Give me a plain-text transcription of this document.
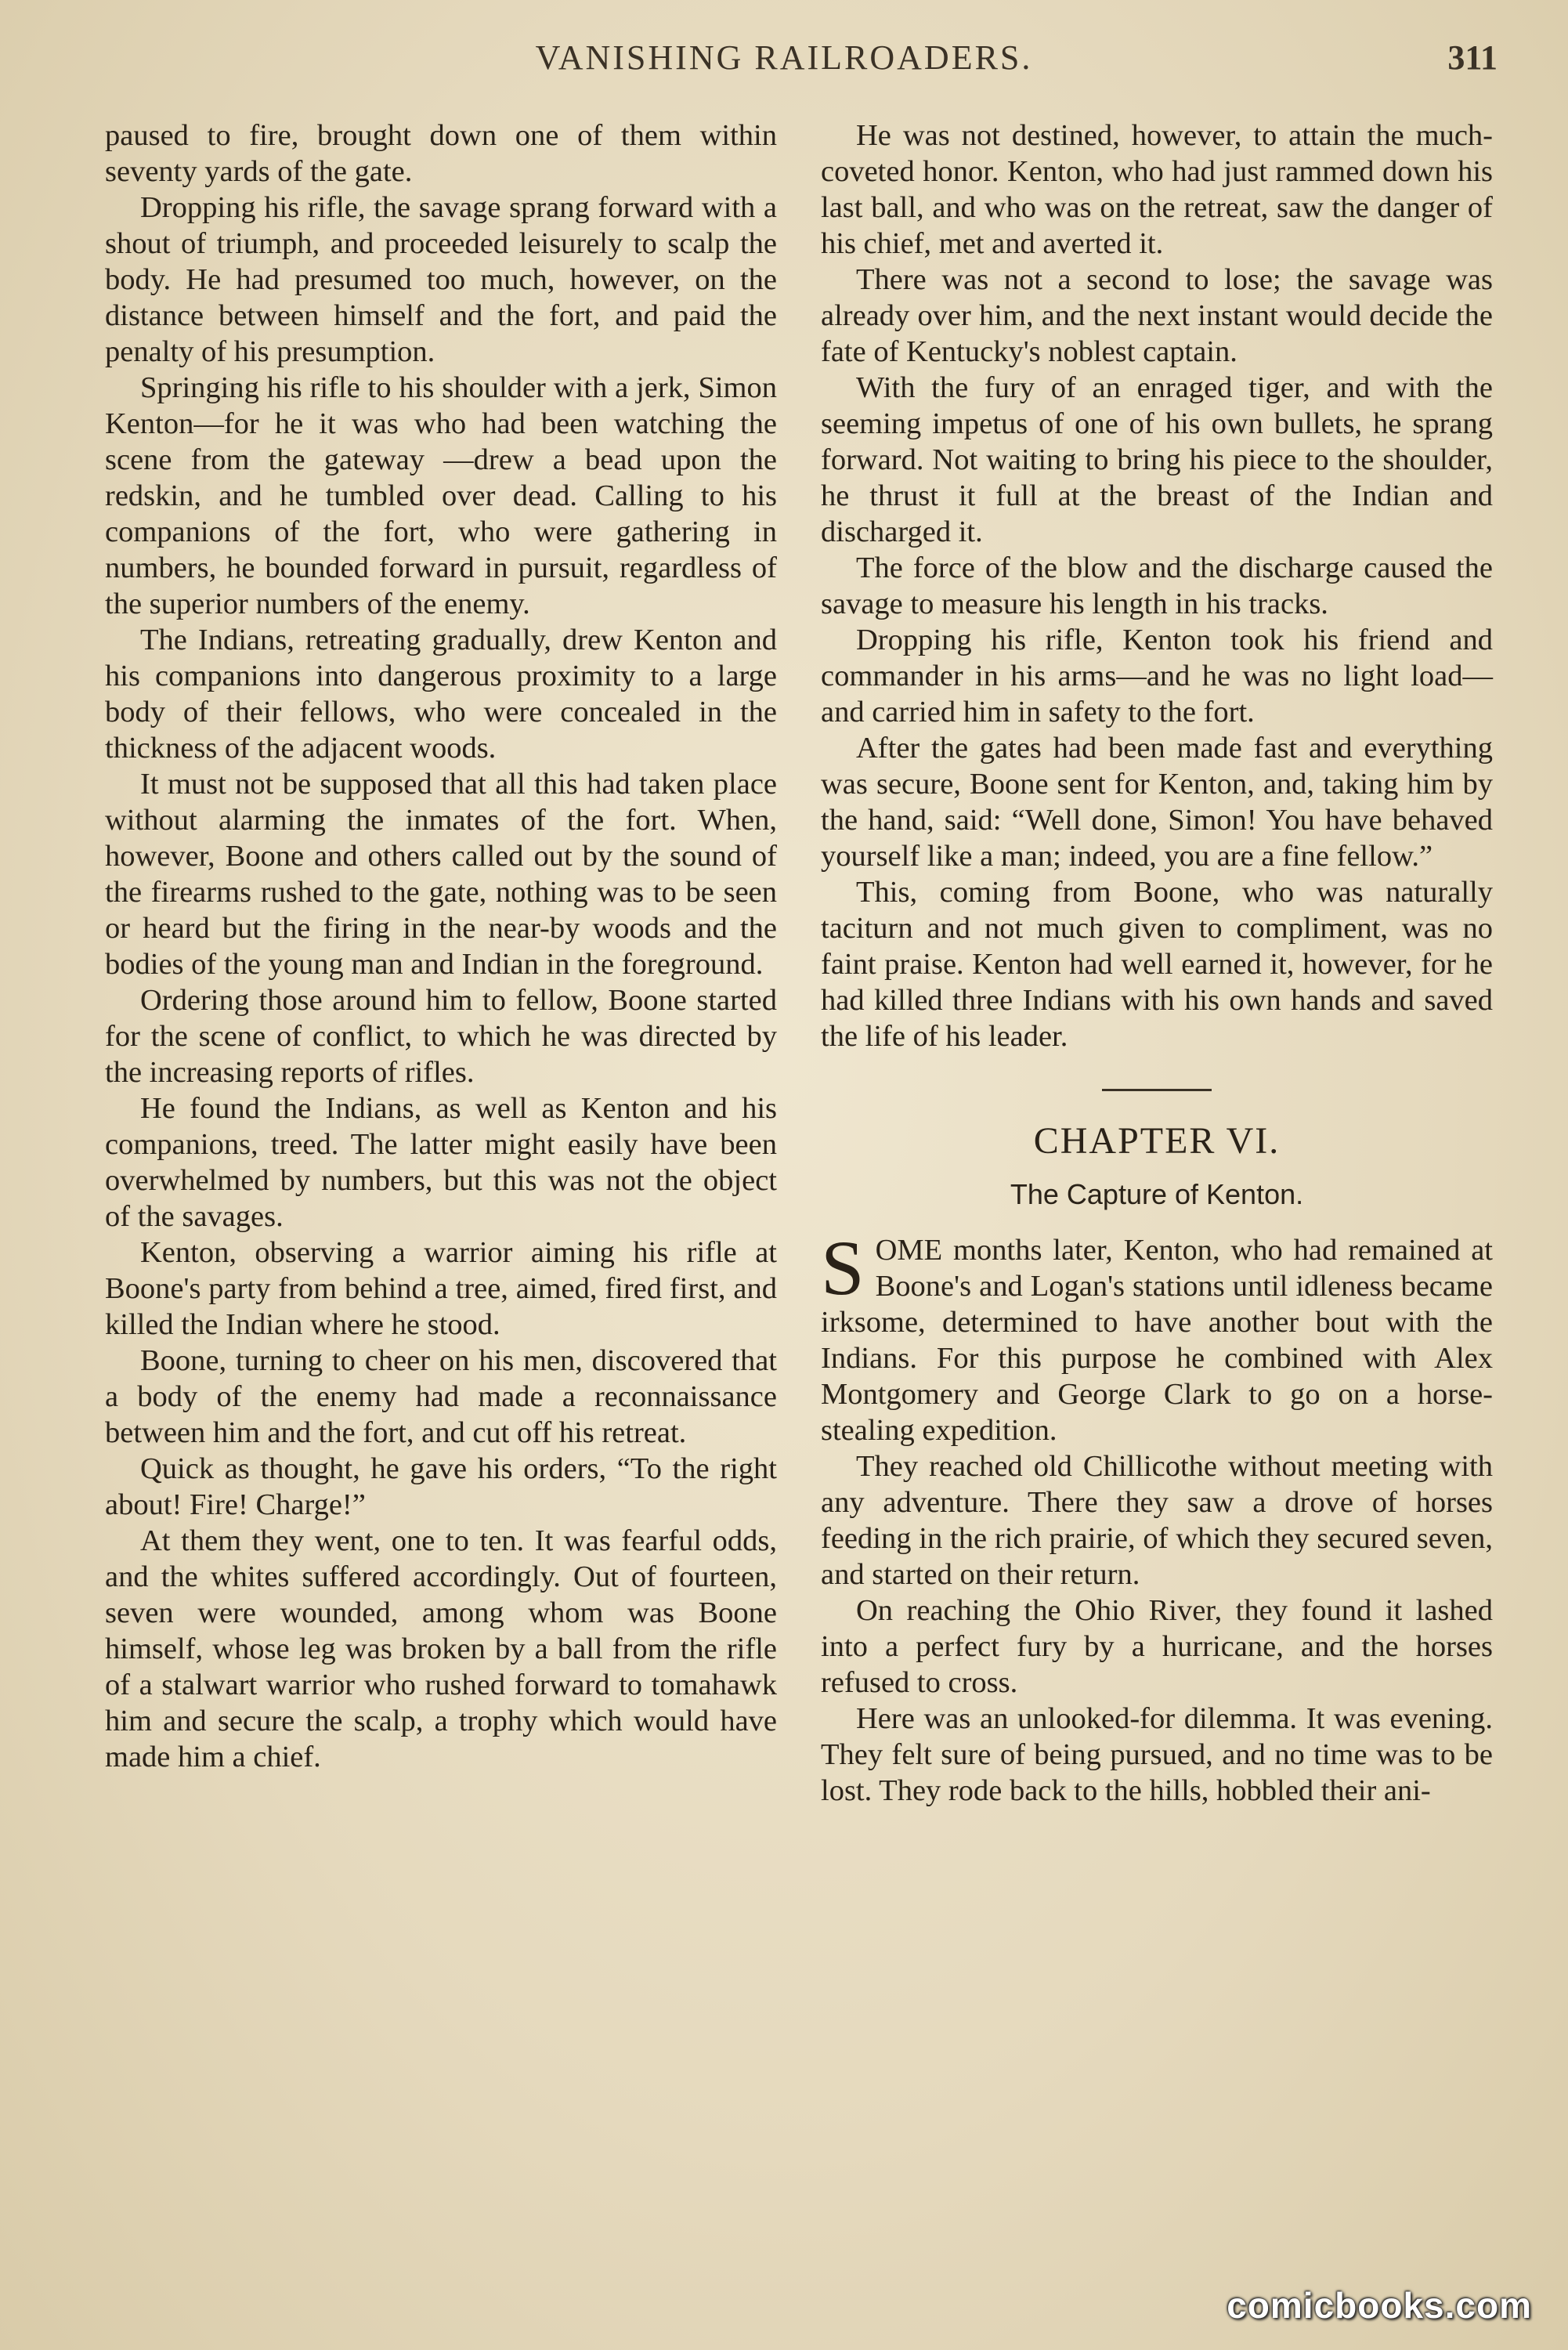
VANISHING RAILROADERS.	311

paused to fire, brought down one of them within seventy yards of the gate.

Dropping his rifle, the savage sprang forward with a shout of triumph, and proceeded leisurely to scalp the body. He had presumed too much, however, on the distance between himself and the fort, and paid the penalty of his presumption.

Springing his rifle to his shoulder with a jerk, Simon Kenton—for he it was who had been watching the scene from the gateway —drew a bead upon the redskin, and he tumbled over dead. Calling to his companions of the fort, who were gathering in numbers, he bounded forward in pursuit, regardless of the superior numbers of the enemy.

The Indians, retreating gradually, drew Kenton and his companions into dangerous proximity to a large body of their fellows, who were concealed in the thickness of the adjacent woods.

It must not be supposed that all this had taken place without alarming the inmates of the fort. When, however, Boone and others called out by the sound of the firearms rushed to the gate, nothing was to be seen or heard but the firing in the near-by woods and the bodies of the young man and Indian in the foreground.

Ordering those around him to fellow, Boone started for the scene of conflict, to which he was directed by the increasing reports of rifles.

He found the Indians, as well as Kenton and his companions, treed. The latter might easily have been overwhelmed by numbers, but this was not the object of the savages.

Kenton, observing a warrior aiming his rifle at Boone's party from behind a tree, aimed, fired first, and killed the Indian where he stood.

Boone, turning to cheer on his men, discovered that a body of the enemy had made a reconnaissance between him and the fort, and cut off his retreat.

Quick as thought, he gave his orders, “To the right about! Fire! Charge!”

At them they went, one to ten. It was fearful odds, and the whites suffered accordingly. Out of fourteen, seven were wounded, among whom was Boone himself, whose leg was broken by a ball from the rifle of a stalwart warrior who rushed forward to tomahawk him and secure the scalp, a trophy which would have made him a chief.

He was not destined, however, to attain the much-coveted honor. Kenton, who had just rammed down his last ball, and who was on the retreat, saw the danger of his chief, met and averted it.

There was not a second to lose; the savage was already over him, and the next instant would decide the fate of Kentucky's noblest captain.

With the fury of an enraged tiger, and with the seeming impetus of one of his own bullets, he sprang forward. Not waiting to bring his piece to the shoulder, he thrust it full at the breast of the Indian and discharged it.

The force of the blow and the discharge caused the savage to measure his length in his tracks.

Dropping his rifle, Kenton took his friend and commander in his arms—and he was no light load—and carried him in safety to the fort.

After the gates had been made fast and everything was secure, Boone sent for Kenton, and, taking him by the hand, said: “Well done, Simon! You have behaved yourself like a man; indeed, you are a fine fellow.”

This, coming from Boone, who was naturally taciturn and not much given to compliment, was no faint praise. Kenton had well earned it, however, for he had killed three Indians with his own hands and saved the life of his leader.

CHAPTER VI.
The Capture of Kenton.

SOME months later, Kenton, who had remained at Boone's and Logan's stations until idleness became irksome, determined to have another bout with the Indians. For this purpose he combined with Alex Montgomery and George Clark to go on a horse-stealing expedition.

They reached old Chillicothe without meeting with any adventure. There they saw a drove of horses feeding in the rich prairie, of which they secured seven, and started on their return.

On reaching the Ohio River, they found it lashed into a perfect fury by a hurricane, and the horses refused to cross.

Here was an unlooked-for dilemma. It was evening. They felt sure of being pursued, and no time was to be lost. They rode back to the hills, hobbled their ani-

comicbooks.com
